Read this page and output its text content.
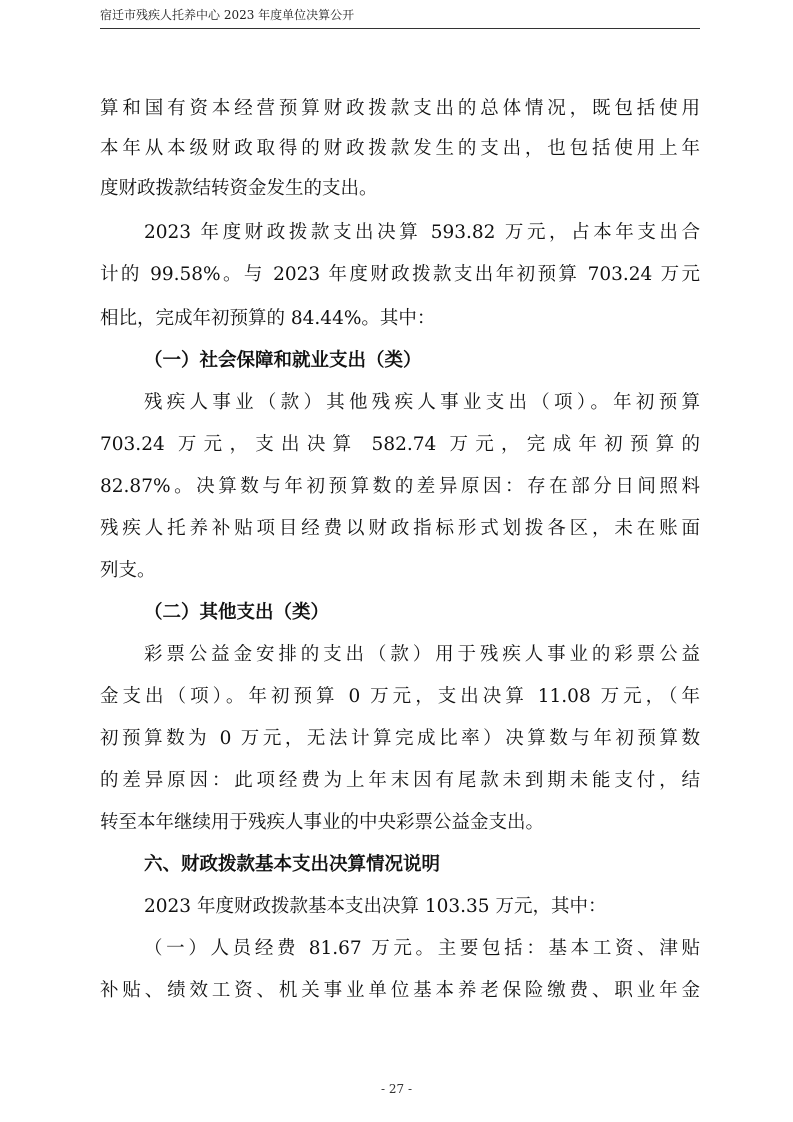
宿迁市残疾人托养中心 2023 年度单位决算公开
算和国有资本经营预算财政拨款支出的总体情况，既包括使用
本年从本级财政取得的财政拨款发生的支出，也包括使用上年
度财政拨款结转资金发生的支出。
2023 年度财政拨款支出决算 593.82 万元，占本年支出合
计的 99.58%。与 2023 年度财政拨款支出年初预算 703.24 万元
相比，完成年初预算的 84.44%。其中：
（一）社会保障和就业支出（类）
残疾人事业（款）其他残疾人事业支出（项）。年初预算
703.24 万元，支出决算 582.74 万元，完成年初预算的
82.87%。决算数与年初预算数的差异原因：存在部分日间照料
残疾人托养补贴项目经费以财政指标形式划拨各区，未在账面
列支。
（二）其他支出（类）
彩票公益金安排的支出（款）用于残疾人事业的彩票公益
金支出（项）。年初预算 0 万元，支出决算 11.08 万元，（年
初预算数为 0 万元，无法计算完成比率）决算数与年初预算数
的差异原因：此项经费为上年末因有尾款未到期未能支付，结
转至本年继续用于残疾人事业的中央彩票公益金支出。
六、财政拨款基本支出决算情况说明
2023 年度财政拨款基本支出决算 103.35 万元，其中：
（一）人员经费 81.67 万元。主要包括：基本工资、津贴
补贴、绩效工资、机关事业单位基本养老保险缴费、职业年金
- 27 -
